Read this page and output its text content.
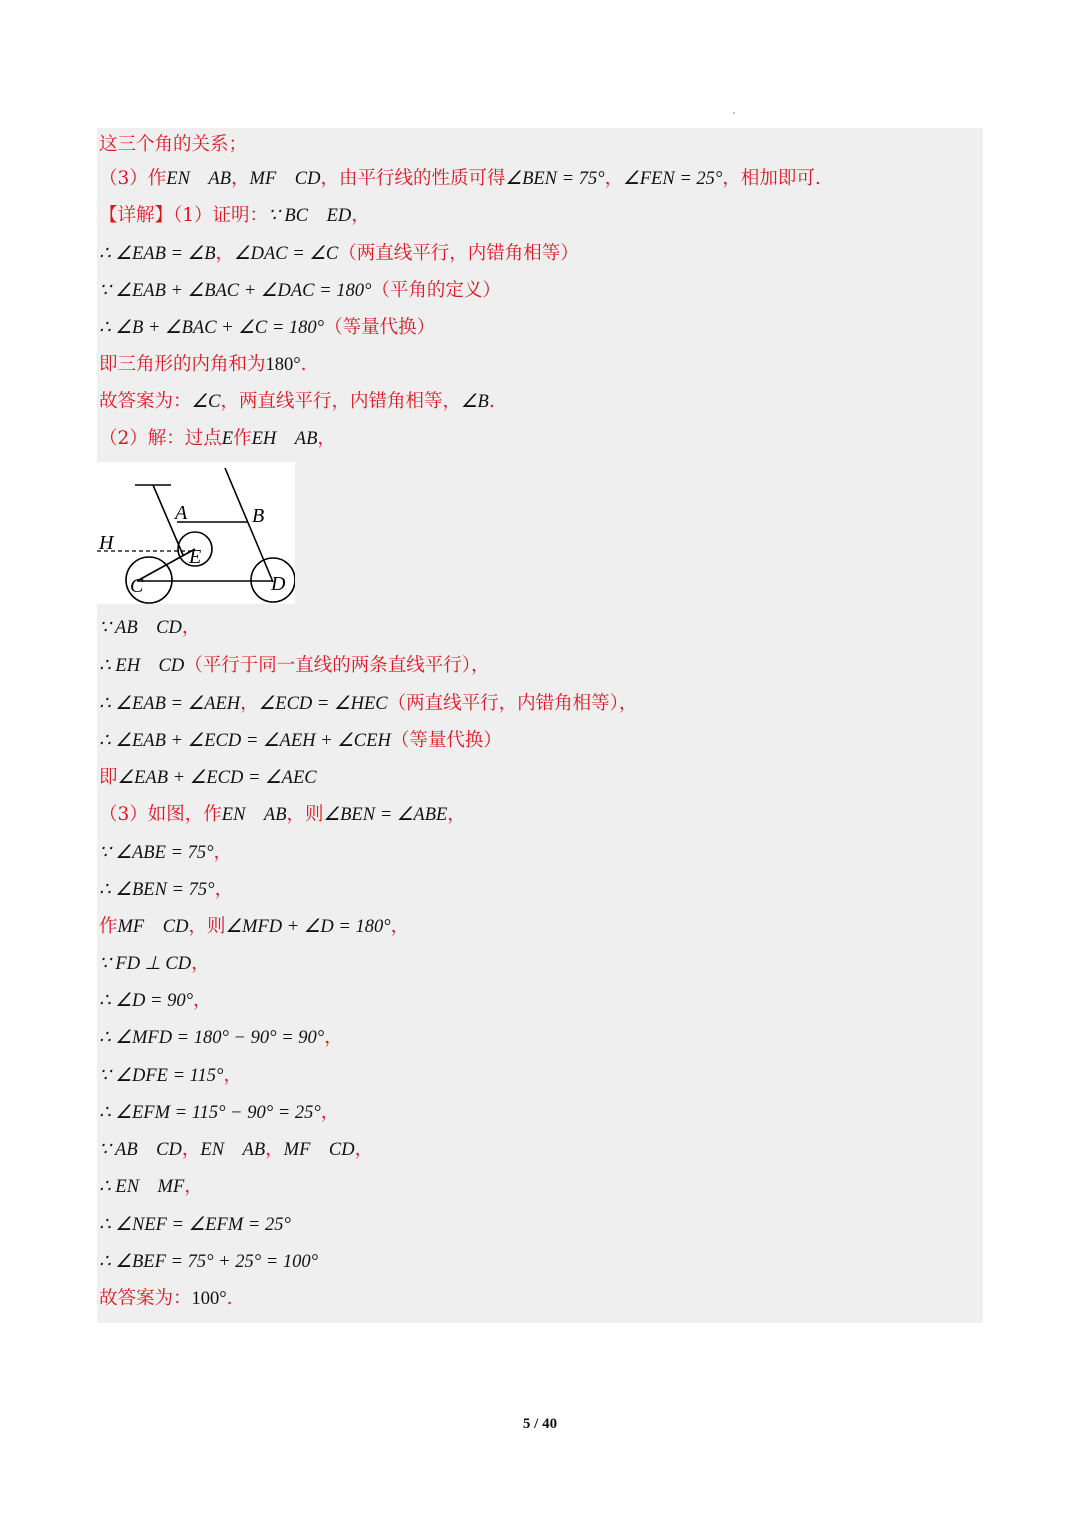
这三个角的关系；
（3）作EN　AB，MF　CD，由平行线的性质可得∠BEN = 75°，∠FEN = 25°，相加即可.
【详解】（1）证明：∵ BC　ED，
∴ ∠EAB = ∠B，∠DAC = ∠C（两直线平行，内错角相等）
∵ ∠EAB + ∠BAC + ∠DAC = 180°（平角的定义）
∴ ∠B + ∠BAC + ∠C = 180°（等量代换）
即三角形的内角和为180°.
故答案为：∠C，两直线平行，内错角相等，∠B.
（2）解：过点E作EH　AB，
∵ AB　CD，
∴ EH　CD（平行于同一直线的两条直线平行），
∴ ∠EAB = ∠AEH，∠ECD = ∠HEC（两直线平行，内错角相等），
∴ ∠EAB + ∠ECD = ∠AEH + ∠CEH（等量代换）
即∠EAB + ∠ECD = ∠AEC
（3）如图，作EN　AB，则∠BEN = ∠ABE，
∵ ∠ABE = 75°，
∴ ∠BEN = 75°，
作MF　CD，则∠MFD + ∠D = 180°，
∵ FD ⊥ CD，
∴ ∠D = 90°，
∴ ∠MFD = 180° − 90° = 90°，
∵ ∠DFE = 115°，
∴ ∠EFM = 115° − 90° = 25°，
∵ AB　CD，EN　AB，MF　CD，
∴ EN　MF，
∴ ∠NEF = ∠EFM = 25°
∴ ∠BEF = 75° + 25° = 100°
故答案为：100°.
A	B
H
E
C	D
5 / 40
